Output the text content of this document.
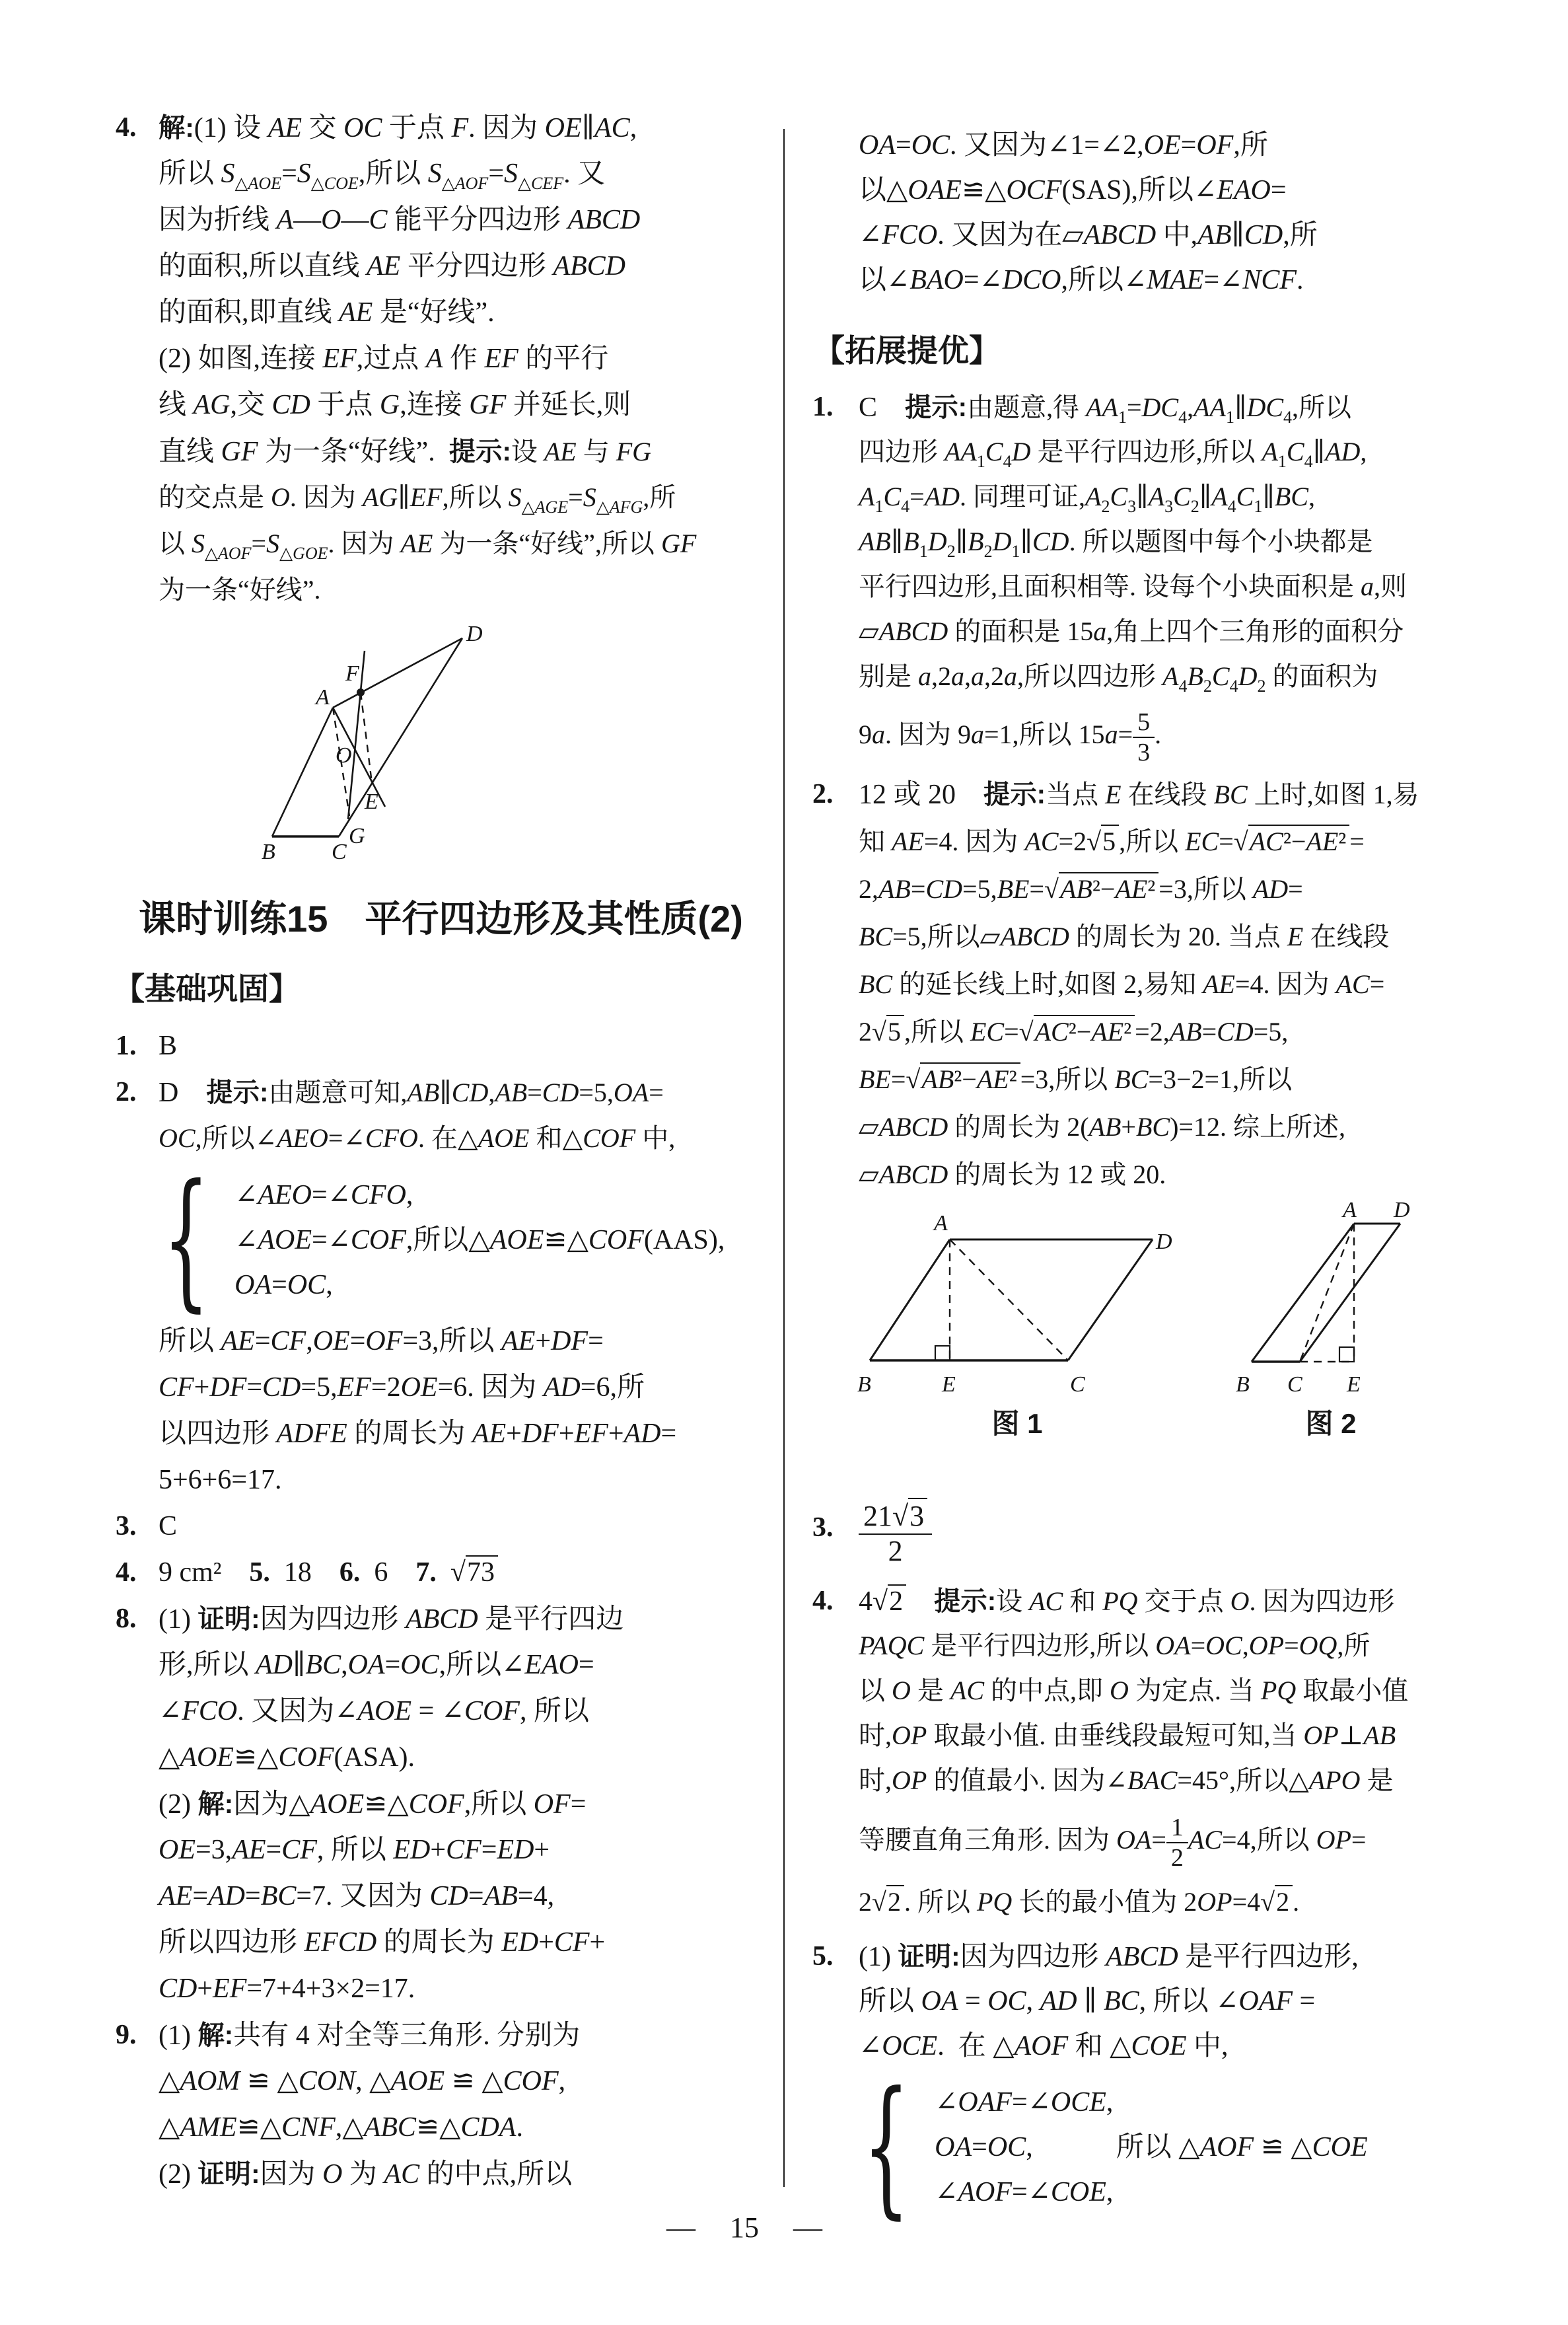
4. 解:(1) 设 AE 交 OC 于点 F. 因为 OE∥AC,
所以 $S_{\triangle AOE}=S_{\triangle COE}$,所以 $S_{\triangle AOF}=S_{\triangle CEF}$. 又
因为折线 A—O—C 能平分四边形 ABCD
的面积,所以直线 AE 平分四边形 ABCD
的面积,即直线 AE 是“好线”.
(2) 如图,连接 EF,过点 A 作 EF 的平行
线 AG,交 CD 于点 G,连接 GF 并延长,则
直线 GF 为一条“好线”. 提示:设 AE 与 FG
的交点是 O. 因为 AG∥EF,所以 $S_{\triangle AGE}=S_{\triangle AFG}$,所
以 $S_{\triangle AOF}=S_{\triangle GOE}$. 因为 AE 为一条“好线”,所以 GF
为一条“好线”.
A
B	C
D
F
O
E
G
课时训练15　平行四边形及其性质(2)
【基础巩固】
1. B
2. D 提示:由题意可知,AB∥CD,AB=CD=5,OA=
OC,所以∠AEO=∠CFO. 在△AOE 和△COF 中,
{ ∠AEO=∠CFO,
∠AOE=∠COF,所以△AOE≌△COF(AAS),
OA=OC,
所以 AE=CF,OE=OF=3,所以 AE+DF=
CF+DF=CD=5,EF=2OE=6. 因为 AD=6,所
以四边形 ADFE 的周长为 AE+DF+EF+AD=
5+6+6=17.
3. C
4. 9 cm² 5. 18 6. 6 7. √73
8. (1) 证明:因为四边形 ABCD 是平行四边
形,所以 AD∥BC,OA=OC,所以∠EAO=
∠FCO. 又因为∠AOE = ∠COF, 所以
△AOE≌△COF(ASA).
(2) 解:因为△AOE≌△COF,所以 OF=
OE=3,AE=CF, 所以 ED+CF=ED+
AE=AD=BC=7. 又因为 CD=AB=4,
所以四边形 EFCD 的周长为 ED+CF+
CD+EF=7+4+3×2=17.
9. (1) 解:共有 4 对全等三角形. 分别为
△AOM ≌ △CON, △AOE ≌ △COF,
△AME≌△CNF,△ABC≌△CDA.
(2) 证明:因为 O 为 AC 的中点,所以
OA=OC. 又因为∠1=∠2,OE=OF,所
以△OAE≌△OCF(SAS),所以∠EAO=
∠FCO. 又因为在▱ABCD 中,AB∥CD,所
以∠BAO=∠DCO,所以∠MAE=∠NCF.
【拓展提优】
1. C 提示:由题意,得 $AA_1=DC_4,AA_1\parallel DC_4$,所以
四边形 $AA_1C_4D$ 是平行四边形,所以 $A_1C_4\parallel AD$,
$A_1C_4=AD$. 同理可证$,A_2C_3\parallel A_3C_2\parallel A_4C_1\parallel BC$,
$AB\parallel B_1D_2\parallel B_2D_1\parallel CD$. 所以题图中每个小块都是
平行四边形,且面积相等. 设每个小块面积是 a,则
▱ABCD 的面积是 15a,角上四个三角形的面积分
别是 a,2a,a,2a,所以四边形 $A_4B_2C_4D_2$ 的面积为
9a. 因为 9a=1,所以 $15a= \frac{5}{3}$ .
2. 12 或 20 提示:当点 E 在线段 BC 上时,如图 1,易
知 AE=4. 因为 AC=2√5 ,所以 EC=√AC²−AE² =
2,AB=CD=5,BE=√AB²−AE² =3,所以 AD=
BC=5,所以▱ABCD 的周长为 20. 当点 E 在线段
BC 的延长线上时,如图 2,易知 AE=4. 因为 AC=
2√5 ,所以 EC=√AC²−AE² =2,AB=CD=5,
BE=√AB²−AE² =3,所以 BC=3−2=1,所以
▱ABCD 的周长为 2(AB+BC)=12. 综上所述,
▱ABCD 的周长为 12 或 20.
A
D
B	E	C
图 1
A D
B C E
图 2
3. $\frac{21√3}{2}$
4. 4√2  提示:设 AC 和 PQ 交于点 O. 因为四边形
PAQC 是平行四边形,所以 OA=OC,OP=OQ,所
以 O 是 AC 的中点,即 O 为定点. 当 PQ 取最小值
时,OP 取最小值. 由垂线段最短可知,当 OP⊥AB
时,OP 的值最小. 因为∠BAC=45°,所以△APO 是
等腰直角三角形. 因为 $OA= \frac{1}{2} AC=4$,所以 OP=
2√2 . 所以 PQ 长的最小值为 2OP=4√2 .
5. (1) 证明:因为四边形 ABCD 是平行四边形,
所以 OA = OC, AD ∥ BC, 所以 ∠OAF =
∠OCE. 在 △AOF 和 △COE 中,
{ ∠OAF=∠OCE,
OA=OC,   所以 △AOF ≌ △COE
∠AOF=∠COE,
— 15 —
